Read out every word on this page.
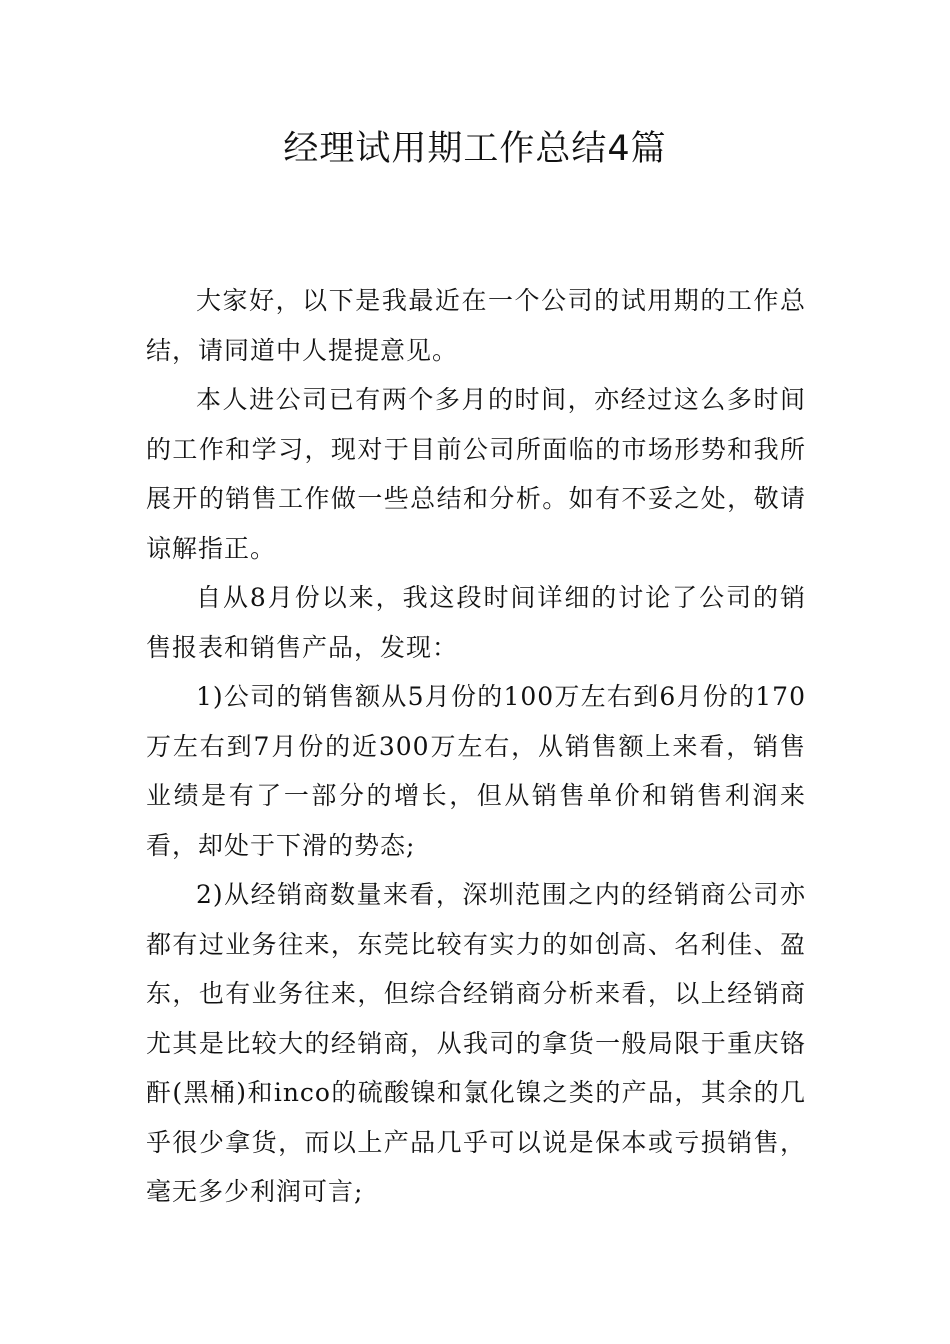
经理试用期工作总结4篇

大家好，以下是我最近在一个公司的试用期的工作总结，请同道中人提提意见。

本人进公司已有两个多月的时间，亦经过这么多时间的工作和学习，现对于目前公司所面临的市场形势和我所展开的销售工作做一些总结和分析。如有不妥之处，敬请谅解指正。

自从8月份以来，我这段时间详细的讨论了公司的销售报表和销售产品，发现：

1)公司的销售额从5月份的100万左右到6月份的170万左右到7月份的近300万左右，从销售额上来看，销售业绩是有了一部分的增长，但从销售单价和销售利润来看，却处于下滑的势态;

2)从经销商数量来看，深圳范围之内的经销商公司亦都有过业务往来，东莞比较有实力的如创高、名利佳、盈东，也有业务往来，但综合经销商分析来看，以上经销商尤其是比较大的经销商，从我司的拿货一般局限于重庆铬酐(黑桶)和inco的硫酸镍和氯化镍之类的产品，其余的几乎很少拿货，而以上产品几乎可以说是保本或亏损销售，毫无多少利润可言;
